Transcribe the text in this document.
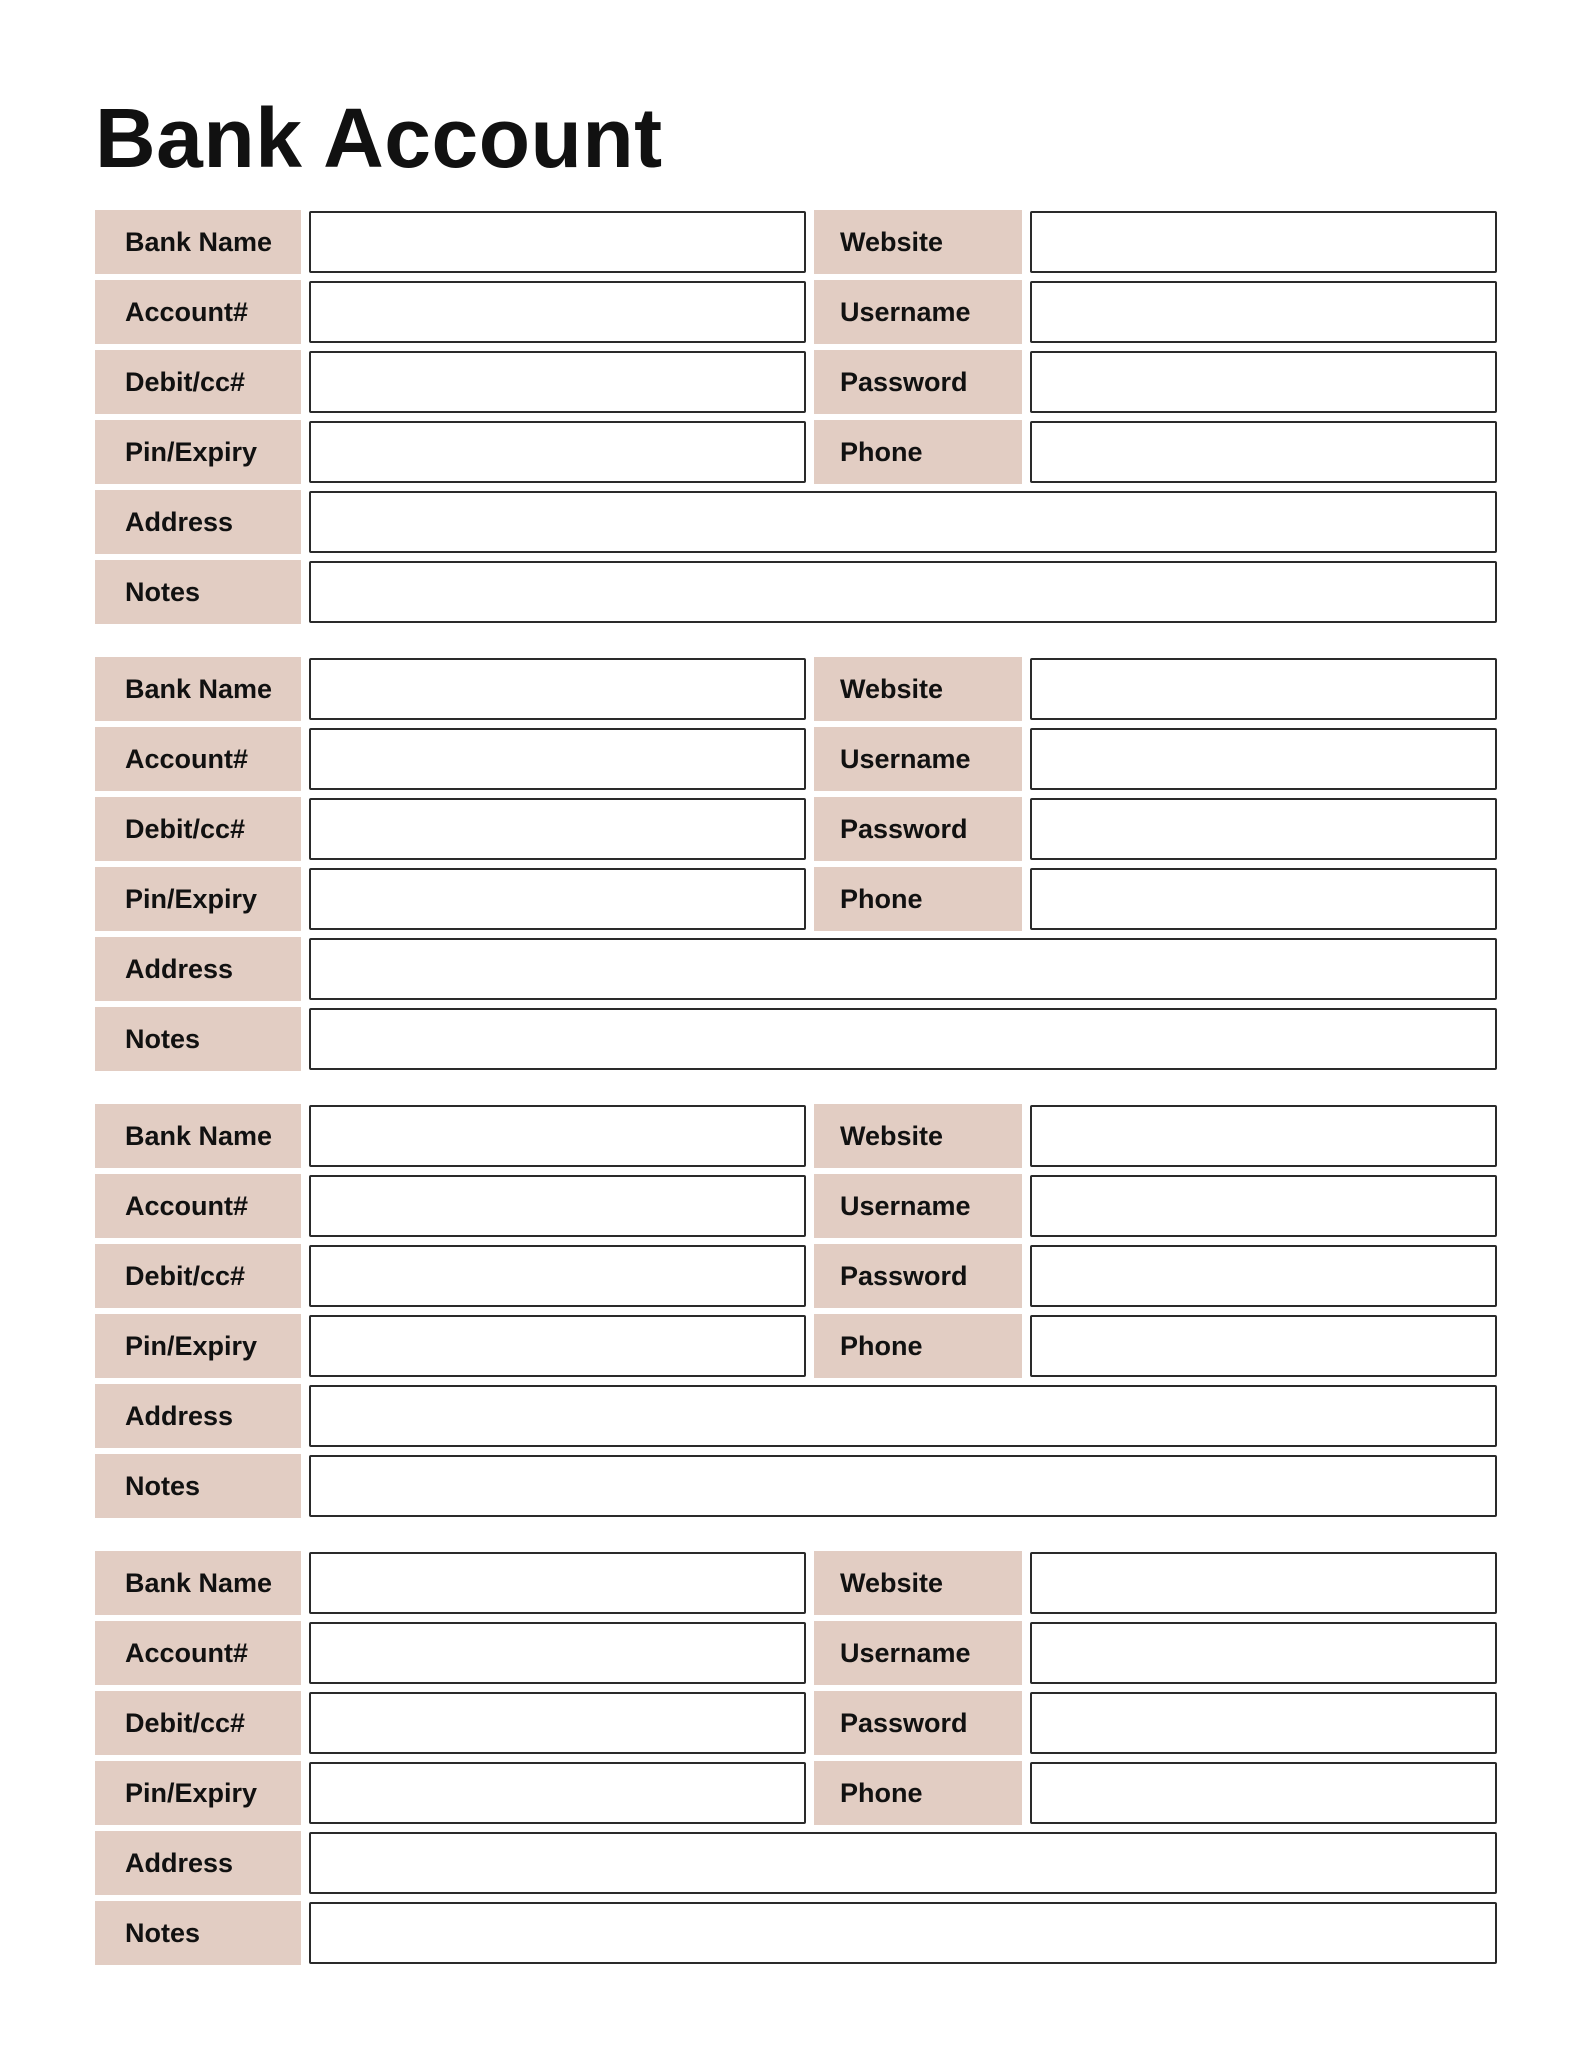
Bank Account
Bank Name	Website
Account#	Username
Debit/cc#	Password
Pin/Expiry	Phone
Address
Notes
Bank Name	Website
Account#	Username
Debit/cc#	Password
Pin/Expiry	Phone
Address
Notes
Bank Name	Website
Account#	Username
Debit/cc#	Password
Pin/Expiry	Phone
Address
Notes
Bank Name	Website
Account#	Username
Debit/cc#	Password
Pin/Expiry	Phone
Address
Notes
